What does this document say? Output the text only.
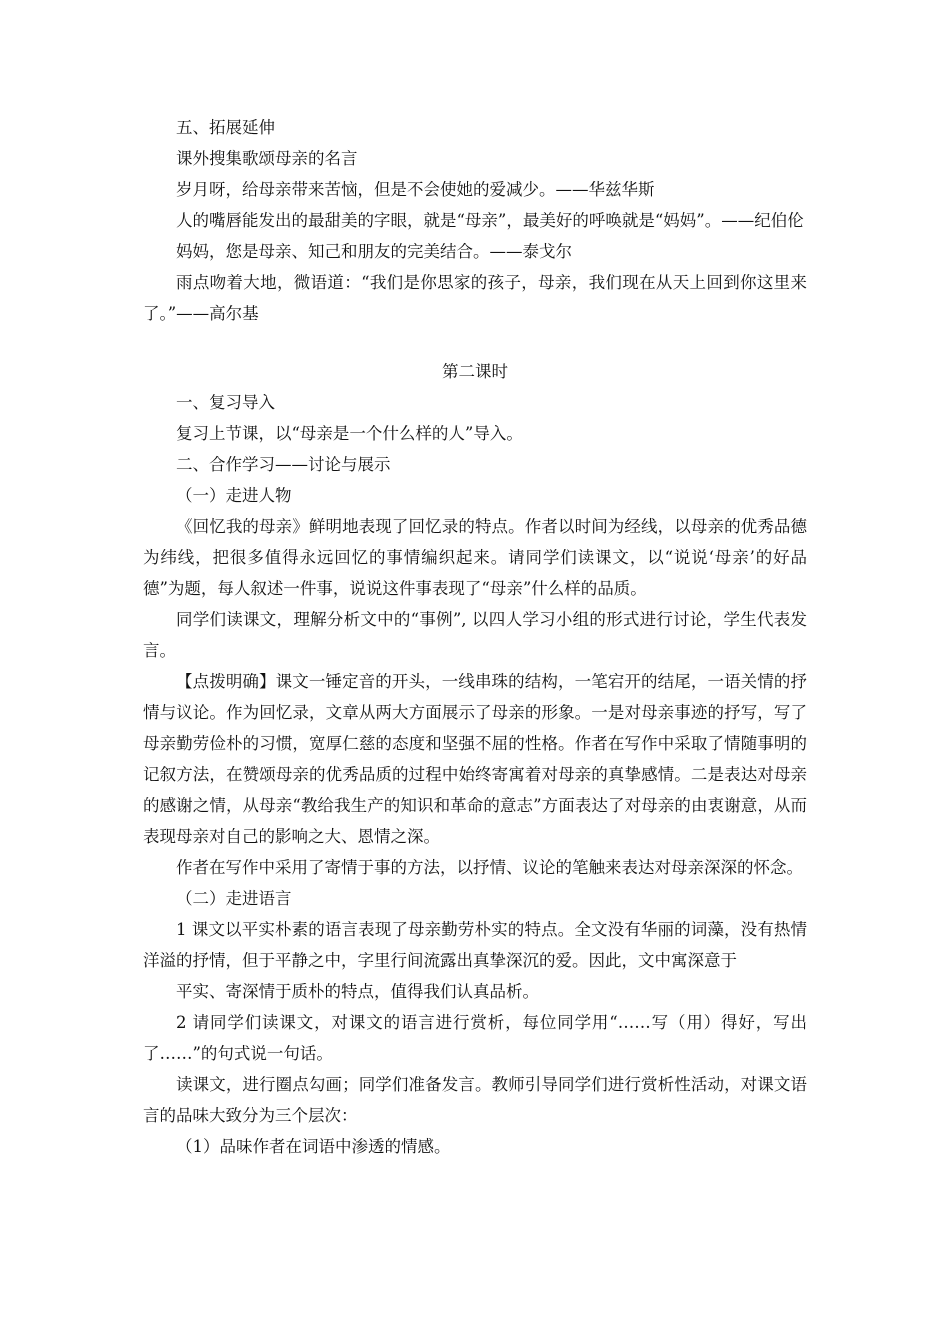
五、拓展延伸

课外搜集歌颂母亲的名言

岁月呀，给母亲带来苦恼，但是不会使她的爱减少。——华兹华斯

人的嘴唇能发出的最甜美的字眼，就是“母亲”，最美好的呼唤就是“妈妈”。——纪伯伦

妈妈，您是母亲、知己和朋友的完美结合。——泰戈尔

雨点吻着大地，微语道：“我们是你思家的孩子，母亲，我们现在从天上回到你这里来了。”——高尔基

第二课时

一、复习导入

复习上节课，以“母亲是一个什么样的人”导入。

二、合作学习——讨论与展示

（一）走进人物

《回忆我的母亲》鲜明地表现了回忆录的特点。作者以时间为经线，以母亲的优秀品德为纬线，把很多值得永远回忆的事情编织起来。请同学们读课文，以“说说‘母亲’的好品德”为题，每人叙述一件事，说说这件事表现了“母亲”什么样的品质。

同学们读课文，理解分析文中的“事例”, 以四人学习小组的形式进行讨论，学生代表发言。

【点拨明确】课文一锤定音的开头，一线串珠的结构，一笔宕开的结尾，一语关情的抒情与议论。作为回忆录，文章从两大方面展示了母亲的形象。一是对母亲事迹的抒写，写了母亲勤劳俭朴的习惯，宽厚仁慈的态度和坚强不屈的性格。作者在写作中采取了情随事明的记叙方法，在赞颂母亲的优秀品质的过程中始终寄寓着对母亲的真挚感情。二是表达对母亲的感谢之情，从母亲“教给我生产的知识和革命的意志”方面表达了对母亲的由衷谢意，从而表现母亲对自己的影响之大、恩情之深。

作者在写作中采用了寄情于事的方法，以抒情、议论的笔触来表达对母亲深深的怀念。

（二）走进语言

1 课文以平实朴素的语言表现了母亲勤劳朴实的特点。全文没有华丽的词藻，没有热情洋溢的抒情，但于平静之中，字里行间流露出真挚深沉的爱。因此，文中寓深意于

平实、寄深情于质朴的特点，值得我们认真品析。

2 请同学们读课文，对课文的语言进行赏析，每位同学用“……写（用）得好，写出了……”的句式说一句话。

读课文，进行圈点勾画；同学们准备发言。教师引导同学们进行赏析性活动，对课文语言的品味大致分为三个层次：

（1）品味作者在词语中渗透的情感。
